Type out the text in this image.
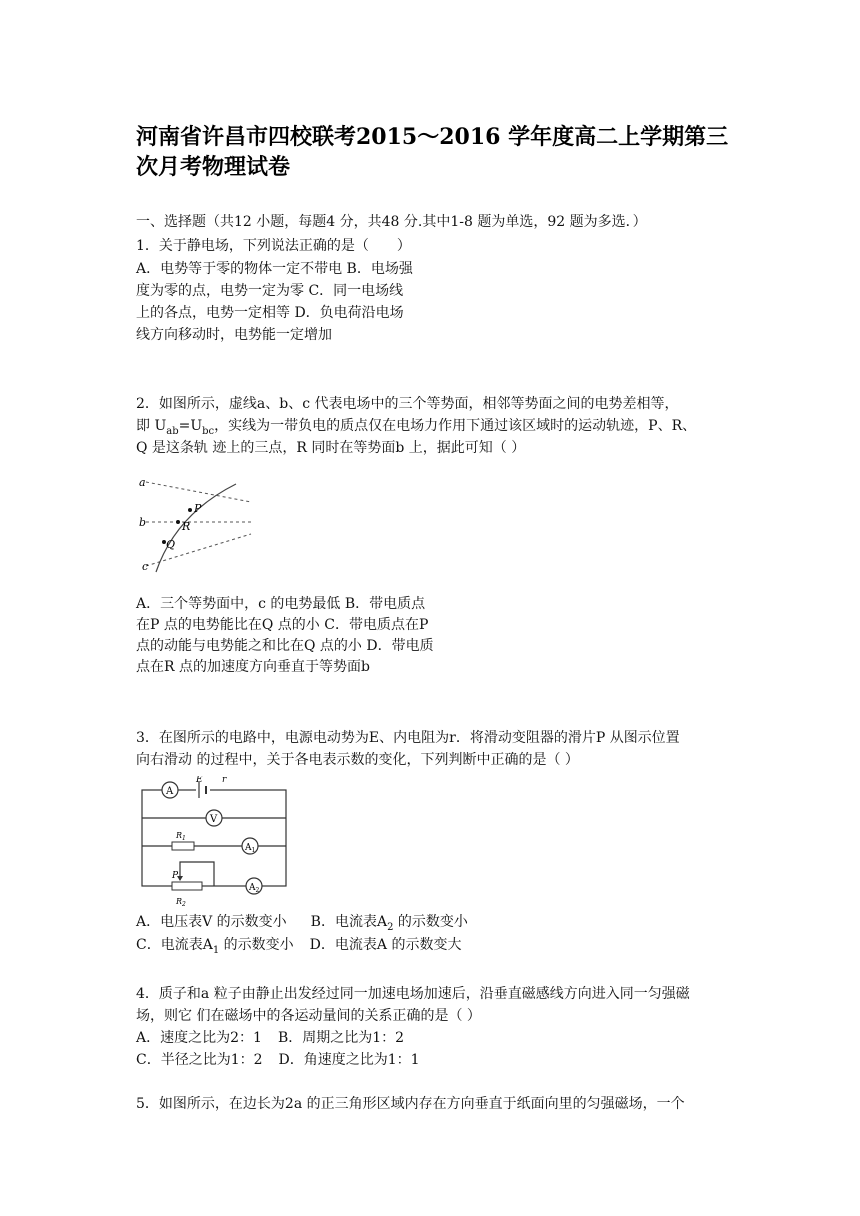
河南省许昌市四校联考2015～2016 学年度高二上学期第三次月考物理试卷
一、选择题（共12 小题，每题4 分，共48 分.其中1-8 题为单选，92 题为多选．）
1．关于静电场，下列说法正确的是（　　）
A．电势等于零的物体一定不带电 B．电场强度为零的点，电势一定为零 C．同一电场线上的各点，电势一定相等 D．负电荷沿电场线方向移动时，电势能一定增加
2．如图所示，虚线a、b、c 代表电场中的三个等势面，相邻等势面之间的电势差相等，
即 $U_{ab}=U_{bc}$，实线为一带负电的质点仅在电场力作用下通过该区域时的运动轨迹，P、R、
Q 是这条轨 迹上的三点，R 同时在等势面b 上，据此可知（ ）
a
b
c
P
R
Q
A．三个等势面中，c 的电势最低 B．带电质点在P 点的电势能比在Q 点的小 C．带电质点在P 点的动能与电势能之和比在Q 点的小 D．带电质点在R 点的加速度方向垂直于等势面b
3．在图所示的电路中，电源电动势为E、内电阻为r．将滑动变阻器的滑片P 从图示位置
向右滑动 的过程中，关于各电表示数的变化，下列判断中正确的是（ ）
A
E r
V
$R_1$
$A_1$
P
$R_2$
$A_2$
A．电压表V 的示数变小 B．电流表$A_2$ 的示数变小
C．电流表$A_1$ 的示数变小 D．电流表A 的示数变大
4．质子和a 粒子由静止出发经过同一加速电场加速后，沿垂直磁感线方向进入同一匀强磁
场，则它 们在磁场中的各运动量间的关系正确的是（ ）
A．速度之比为2：1 B．周期之比为1：2
C．半径之比为1：2 D．角速度之比为1：1
5．如图所示，在边长为2a 的正三角形区域内存在方向垂直于纸面向里的匀强磁场，一个
